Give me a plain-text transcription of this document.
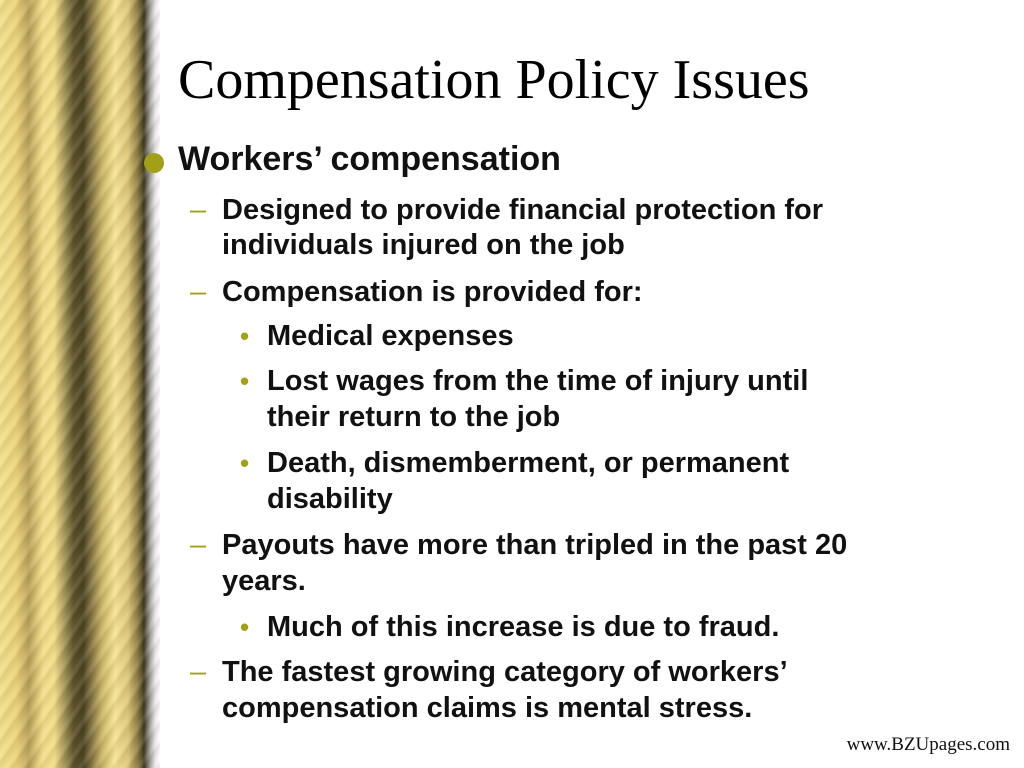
Compensation Policy Issues
Workers’ compensation
– Designed to provide financial protection for
individuals injured on the job
– Compensation is provided for:
• Medical expenses
• Lost wages from the time of injury until
their return to the job
• Death, dismemberment, or permanent
disability
– Payouts have more than tripled in the past 20
years.
• Much of this increase is due to fraud.
– The fastest growing category of workers’
compensation claims is mental stress.
www.BZUpages.com
